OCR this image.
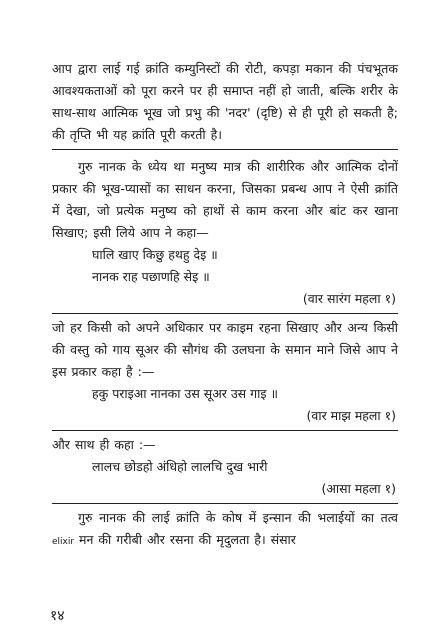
आप द्वारा लाई गई क्रांति कम्युनिस्टों की रोटी, कपड़ा मकान की पंचभूतक आवश्यकताओं को पूरा करने पर ही समाप्त नहीं हो जाती, बल्कि शरीर के साथ-साथ आत्मिक भूख जो प्रभु की 'नदर' (दृष्टि) से ही पूरी हो सकती है; की तृप्ति भी यह क्रांति पूरी करती है।

गुरु नानक के ध्येय था मनुष्य मात्र की शारीरिक और आत्मिक दोनों प्रकार की भूख-प्यासों का साधन करना, जिसका प्रबन्ध आप ने ऐसी क्रांति में देखा, जो प्रत्येक मनुष्य को हाथों से काम करना और बांट कर खाना सिखाए; इसी लिये आप ने कहा—

घालि खाए किछु हथहु देइ ॥

नानक राह पछाणहि सेइ ॥

(वार सारंग महला १)

जो हर किसी को अपने अधिकार पर काइम रहना सिखाए और अन्य किसी की वस्तु को गाय सूअर की सौगंध की उलघना के समान माने जिसे आप ने इस प्रकार कहा है :—

हकु पराइआ नानका उस सूअर उस गाइ ॥

(वार माझ महला १)

और साथ ही कहा :—

लालच छोडहो अंधिहो लालचि दुख भारी

(आसा महला १)

गुरु नानक की लाई क्रांति के कोष में इन्सान की भलाईयों का तत्व elixir मन की गरीबी और रसना की मृदुलता है। संसार

१४
